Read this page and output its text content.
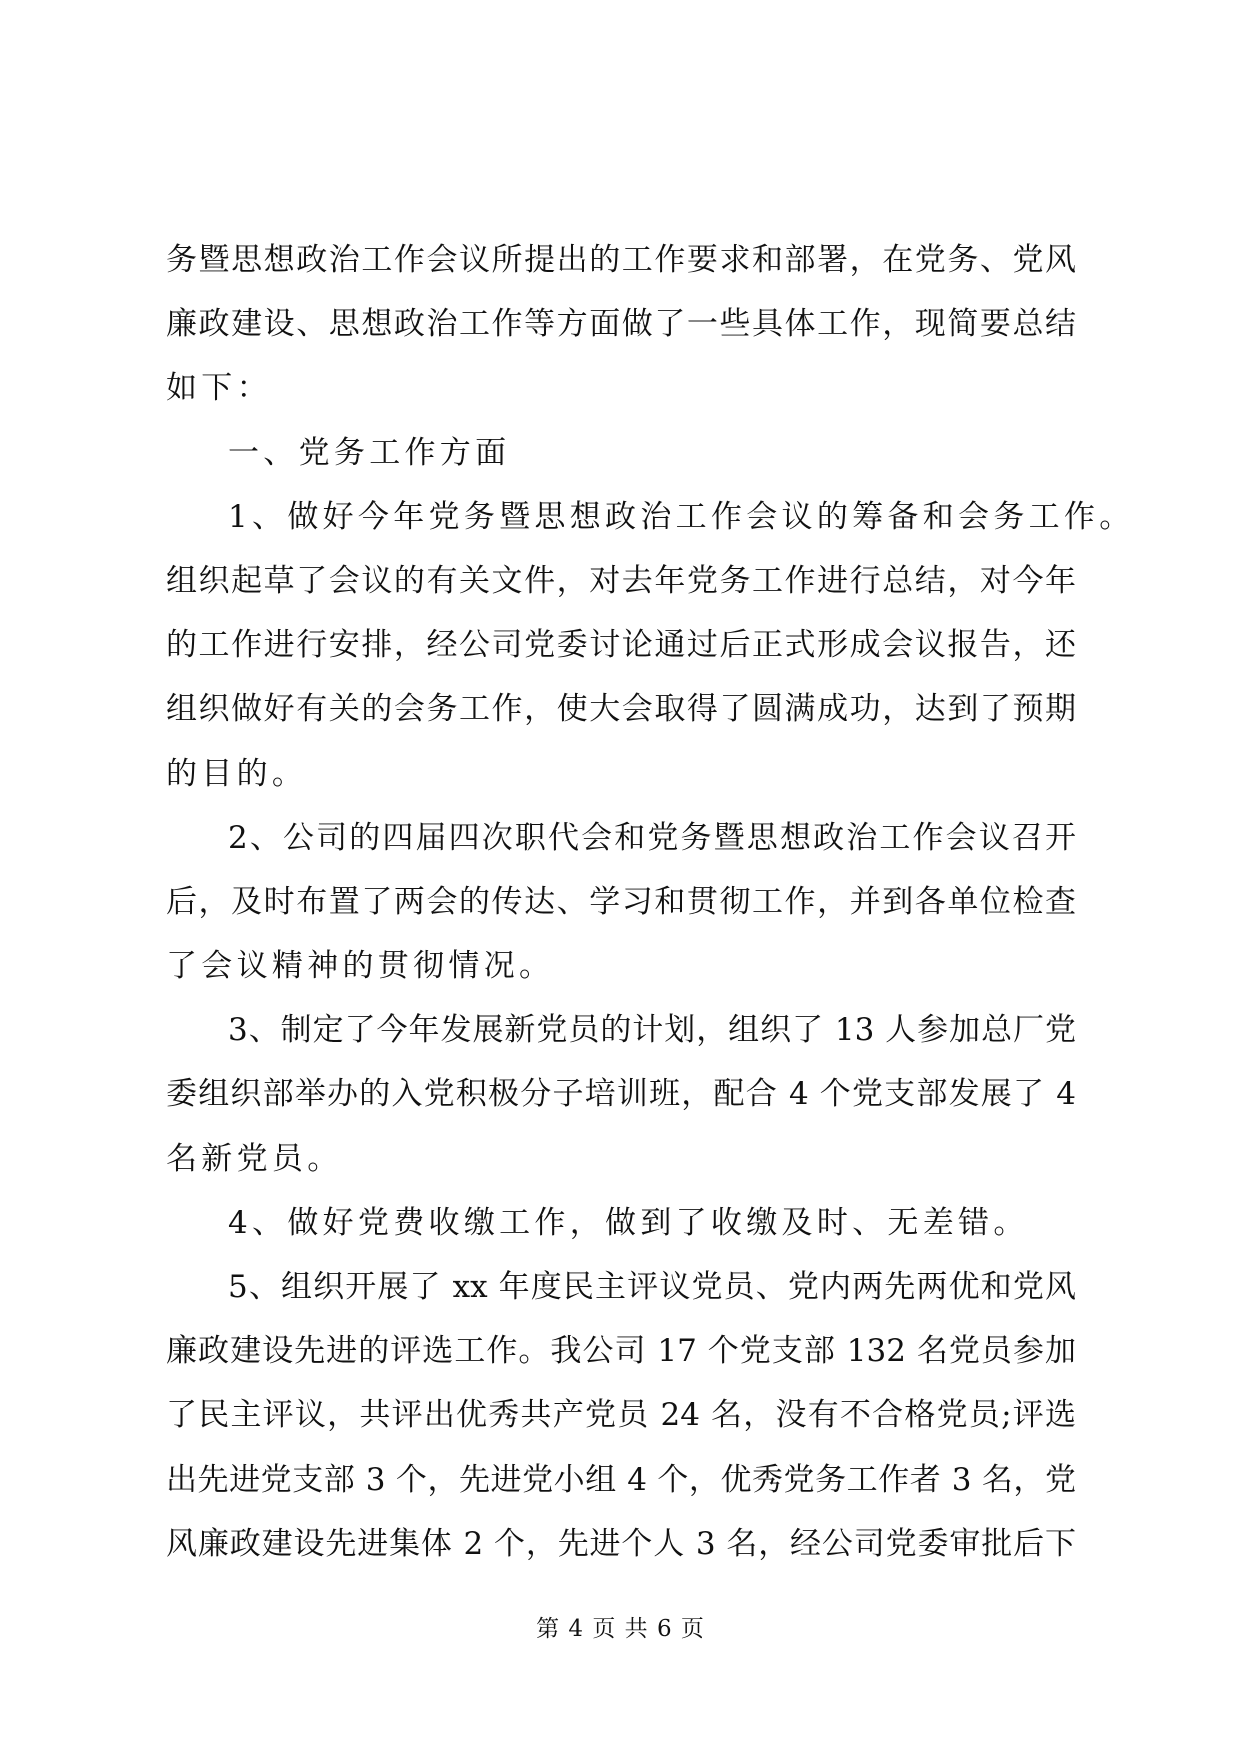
务暨思想政治工作会议所提出的工作要求和部署，在党务、党风
廉政建设、思想政治工作等方面做了一些具体工作，现简要总结
如下：
一、党务工作方面
1、做好今年党务暨思想政治工作会议的筹备和会务工作。
组织起草了会议的有关文件，对去年党务工作进行总结，对今年
的工作进行安排，经公司党委讨论通过后正式形成会议报告，还
组织做好有关的会务工作，使大会取得了圆满成功，达到了预期
的目的。
2、公司的四届四次职代会和党务暨思想政治工作会议召开
后，及时布置了两会的传达、学习和贯彻工作，并到各单位检查
了会议精神的贯彻情况。
3、制定了今年发展新党员的计划，组织了 13 人参加总厂党
委组织部举办的入党积极分子培训班，配合 4 个党支部发展了 4
名新党员。
4、做好党费收缴工作，做到了收缴及时、无差错。
5、组织开展了 xx 年度民主评议党员、党内两先两优和党风
廉政建设先进的评选工作。我公司 17 个党支部 132 名党员参加
了民主评议，共评出优秀共产党员 24 名，没有不合格党员;评选
出先进党支部 3 个，先进党小组 4 个，优秀党务工作者 3 名，党
风廉政建设先进集体 2 个，先进个人 3 名，经公司党委审批后下
第 4 页 共 6 页
